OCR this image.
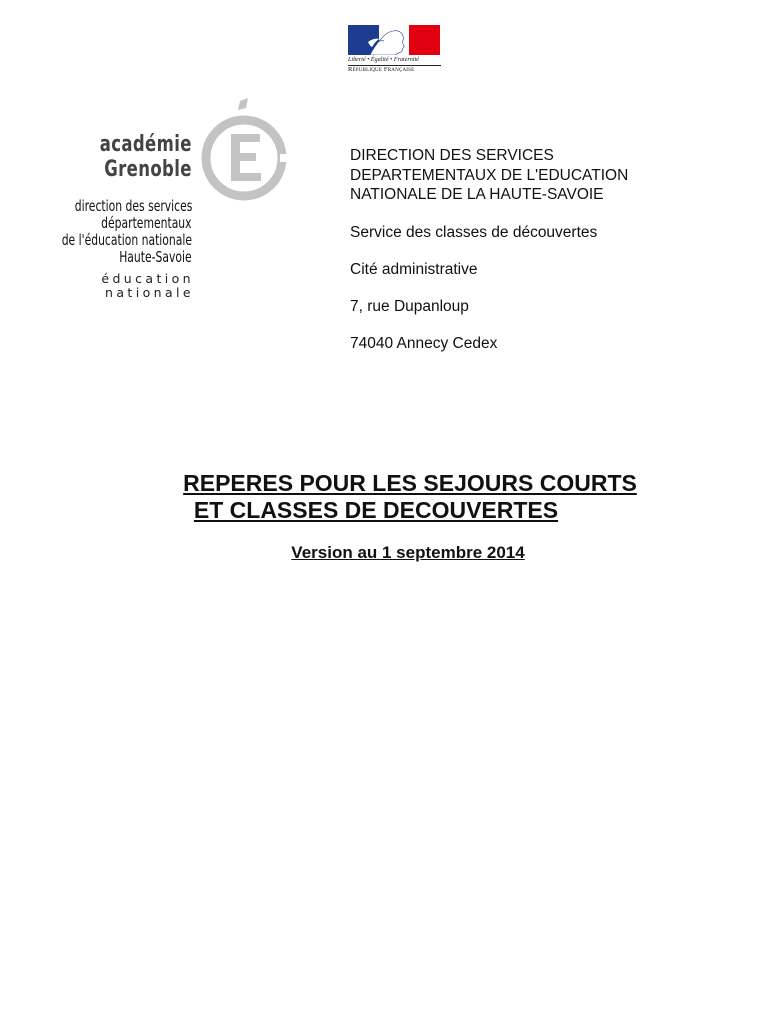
Liberté • Égalité • Fraternité
République Française
académie
Grenoble
direction des services
départementaux
de l'éducation nationale
Haute-Savoie
éducation
nationale

DIRECTION DES SERVICES

DEPARTEMENTAUX DE L'EDUCATION

NATIONALE DE LA HAUTE-SAVOIE

Service des classes de découvertes

Cité administrative

7, rue Dupanloup

74040 Annecy Cedex

REPERES POUR LES SEJOURS COURTS
ET CLASSES DE DECOUVERTES
Version au 1 septembre 2014
